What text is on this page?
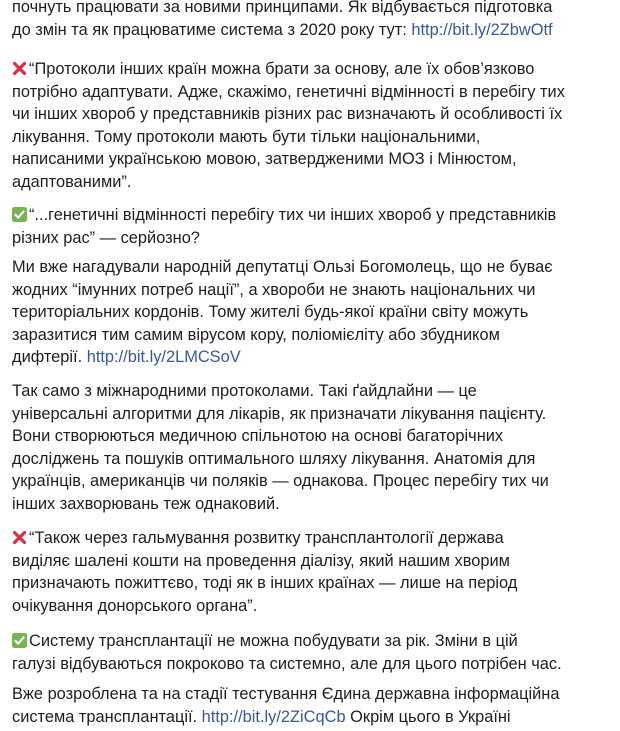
почнуть працювати за новими принципами. Як відбувається підготовка
до змін та як працюватиме система з 2020 року тут: http://bit.ly/2ZbwOtf
“Протоколи інших країн можна брати за основу, але їх обов’язково
потрібно адаптувати. Адже, скажімо, генетичні відмінності в перебігу тих
чи інших хвороб у представників різних рас визначають й особливості їх
лікування. Тому протоколи мають бути тільки національними,
написаними українською мовою, затвердженими МОЗ і Мінюстом,
адаптованими”.
“...генетичні відмінності перебігу тих чи інших хвороб у представників
різних рас” — серйозно?
Ми вже нагадували народній депутатці Ользі Богомолець, що не буває
жодних “імунних потреб нації”, а хвороби не знають національних чи
територіальних кордонів. Тому жителі будь-якої країни світу можуть
заразитися тим самим вірусом кору, поліомієліту або збудником
дифтерії. http://bit.ly/2LMCSoV
Так само з міжнародними протоколами. Такі ґайдлайни — це
універсальні алгоритми для лікарів, як призначати лікування пацієнту.
Вони створюються медичною спільнотою на основі багаторічних
досліджень та пошуків оптимального шляху лікування. Анатомія для
українців, американців чи поляків — однакова. Процес перебігу тих чи
інших захворювань теж однаковий.
“Також через гальмування розвитку трансплантології держава
виділяє шалені кошти на проведення діалізу, який нашим хворим
призначають пожиттєво, тоді як в інших країнах — лише на період
очікування донорського органа”.
Систему трансплантації не можна побудувати за рік. Зміни в цій
галузі відбуваються покроково та системно, але для цього потрібен час.
Вже розроблена та на стадії тестування Єдина державна інформаційна
система трансплантації. http://bit.ly/2ZiCqCb Окрім цього в Україні
